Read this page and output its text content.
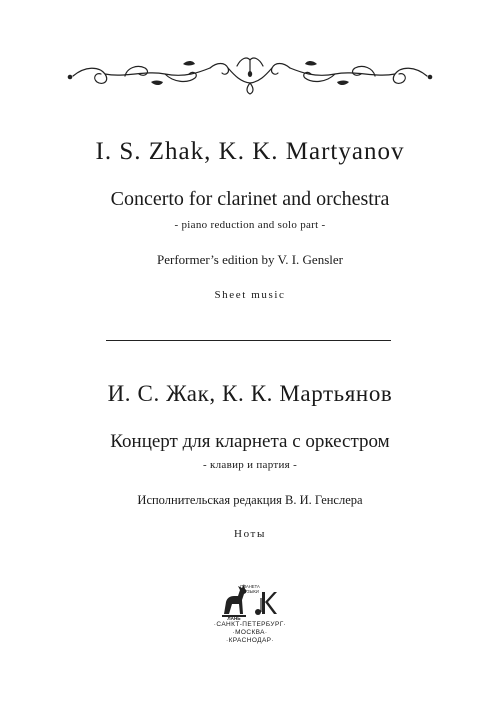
I. S. Zhak, K. K. Martyanov
Concerto for clarinet and orchestra
- piano reduction and solo part -
Performer’s edition by V. I. Gensler
Sheet music
И. С. Жак, К. К. Мартьянов
Концерт для кларнета с оркестром
- клавир и партия -
Исполнительская редакция В. И. Генслера
Ноты
ПЛАНЕТА
МУЗЫКИ
ЛАНЬ
·САНКТ-ПЕТЕРБУРГ·
·МОСКВА·
·КРАСНОДАР·
